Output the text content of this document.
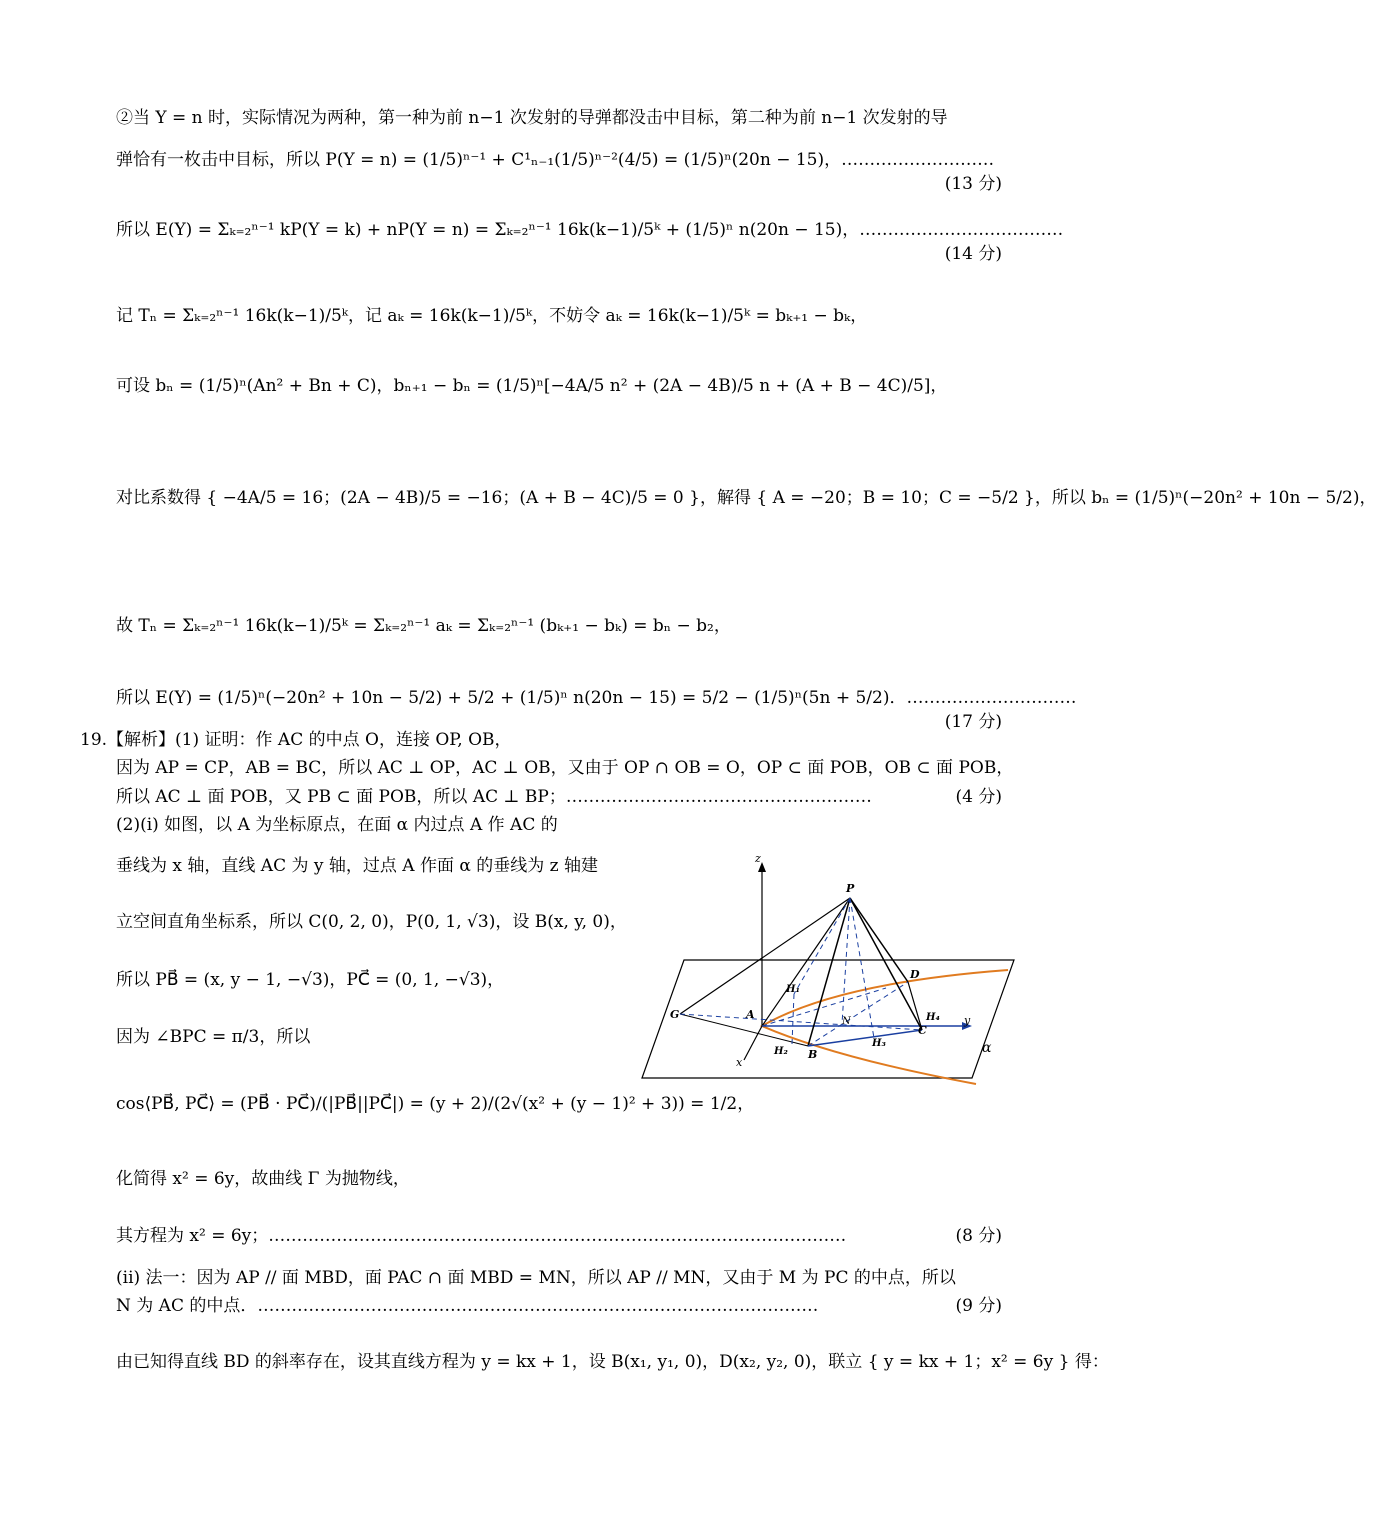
②当 Y = n 时，实际情况为两种，第一种为前 n−1 次发射的导弹都没击中目标，第二种为前 n−1 次发射的导
弹恰有一枚击中目标，所以 P(Y = n) = (1/5)ⁿ⁻¹ + C¹ₙ₋₁(1/5)ⁿ⁻²(4/5) = (1/5)ⁿ(20n − 15)，………………………
(13 分)
所以 E(Y) = Σₖ₌₂ⁿ⁻¹ kP(Y = k) + nP(Y = n) = Σₖ₌₂ⁿ⁻¹ 16k(k−1)/5ᵏ + (1/5)ⁿ n(20n − 15)，………………………………
(14 分)
记 Tₙ = Σₖ₌₂ⁿ⁻¹ 16k(k−1)/5ᵏ，记 aₖ = 16k(k−1)/5ᵏ，不妨令 aₖ = 16k(k−1)/5ᵏ = bₖ₊₁ − bₖ，
可设 bₙ = (1/5)ⁿ(An² + Bn + C)，bₙ₊₁ − bₙ = (1/5)ⁿ[−4A/5 n² + (2A − 4B)/5 n + (A + B − 4C)/5]，
对比系数得 { −4A/5 = 16；(2A − 4B)/5 = −16；(A + B − 4C)/5 = 0 }，解得 { A = −20；B = 10；C = −5/2 }，所以 bₙ = (1/5)ⁿ(−20n² + 10n − 5/2)，
故 Tₙ = Σₖ₌₂ⁿ⁻¹ 16k(k−1)/5ᵏ = Σₖ₌₂ⁿ⁻¹ aₖ = Σₖ₌₂ⁿ⁻¹ (bₖ₊₁ − bₖ) = bₙ − b₂，
所以 E(Y) = (1/5)ⁿ(−20n² + 10n − 5/2) + 5/2 + (1/5)ⁿ n(20n − 15) = 5/2 − (1/5)ⁿ(5n + 5/2)．…………………………
(17 分)
19.【解析】(1) 证明：作 AC 的中点 O，连接 OP, OB，
因为 AP = CP，AB = BC，所以 AC ⊥ OP，AC ⊥ OB，又由于 OP ∩ OB = O，OP ⊂ 面 POB，OB ⊂ 面 POB，
所以 AC ⊥ 面 POB，又 PB ⊂ 面 POB，所以 AC ⊥ BP；………………………………………………	(4 分)
(2)(i) 如图，以 A 为坐标原点，在面 α 内过点 A 作 AC 的
垂线为 x 轴，直线 AC 为 y 轴，过点 A 作面 α 的垂线为 z 轴建
立空间直角坐标系，所以 C(0, 2, 0)，P(0, 1, √3)，设 B(x, y, 0)，
所以 PB⃗ = (x, y − 1, −√3)，PC⃗ = (0, 1, −√3)，
因为 ∠BPC = π/3，所以
cos⟨PB⃗, PC⃗⟩ = (PB⃗ · PC⃗)/(|PB⃗||PC⃗|) = (y + 2)/(2√(x² + (y − 1)² + 3)) = 1/2，
化简得 x² = 6y，故曲线 Γ 为抛物线，
其方程为 x² = 6y；…………………………………………………………………………………………	(8 分)
(ii) 法一：因为 AP // 面 MBD，面 PAC ∩ 面 MBD = MN，所以 AP // MN，又由于 M 为 PC 的中点，所以
N 为 AC 的中点．………………………………………………………………………………………	(9 分)
由已知得直线 BD 的斜率存在，设其直线方程为 y = kx + 1，设 B(x₁, y₁, 0)，D(x₂, y₂, 0)，联立 { y = kx + 1；x² = 6y } 得：
z
P
D
H₁
G	A
N	H₄ y
H₂ B
H₃
C
x
α
